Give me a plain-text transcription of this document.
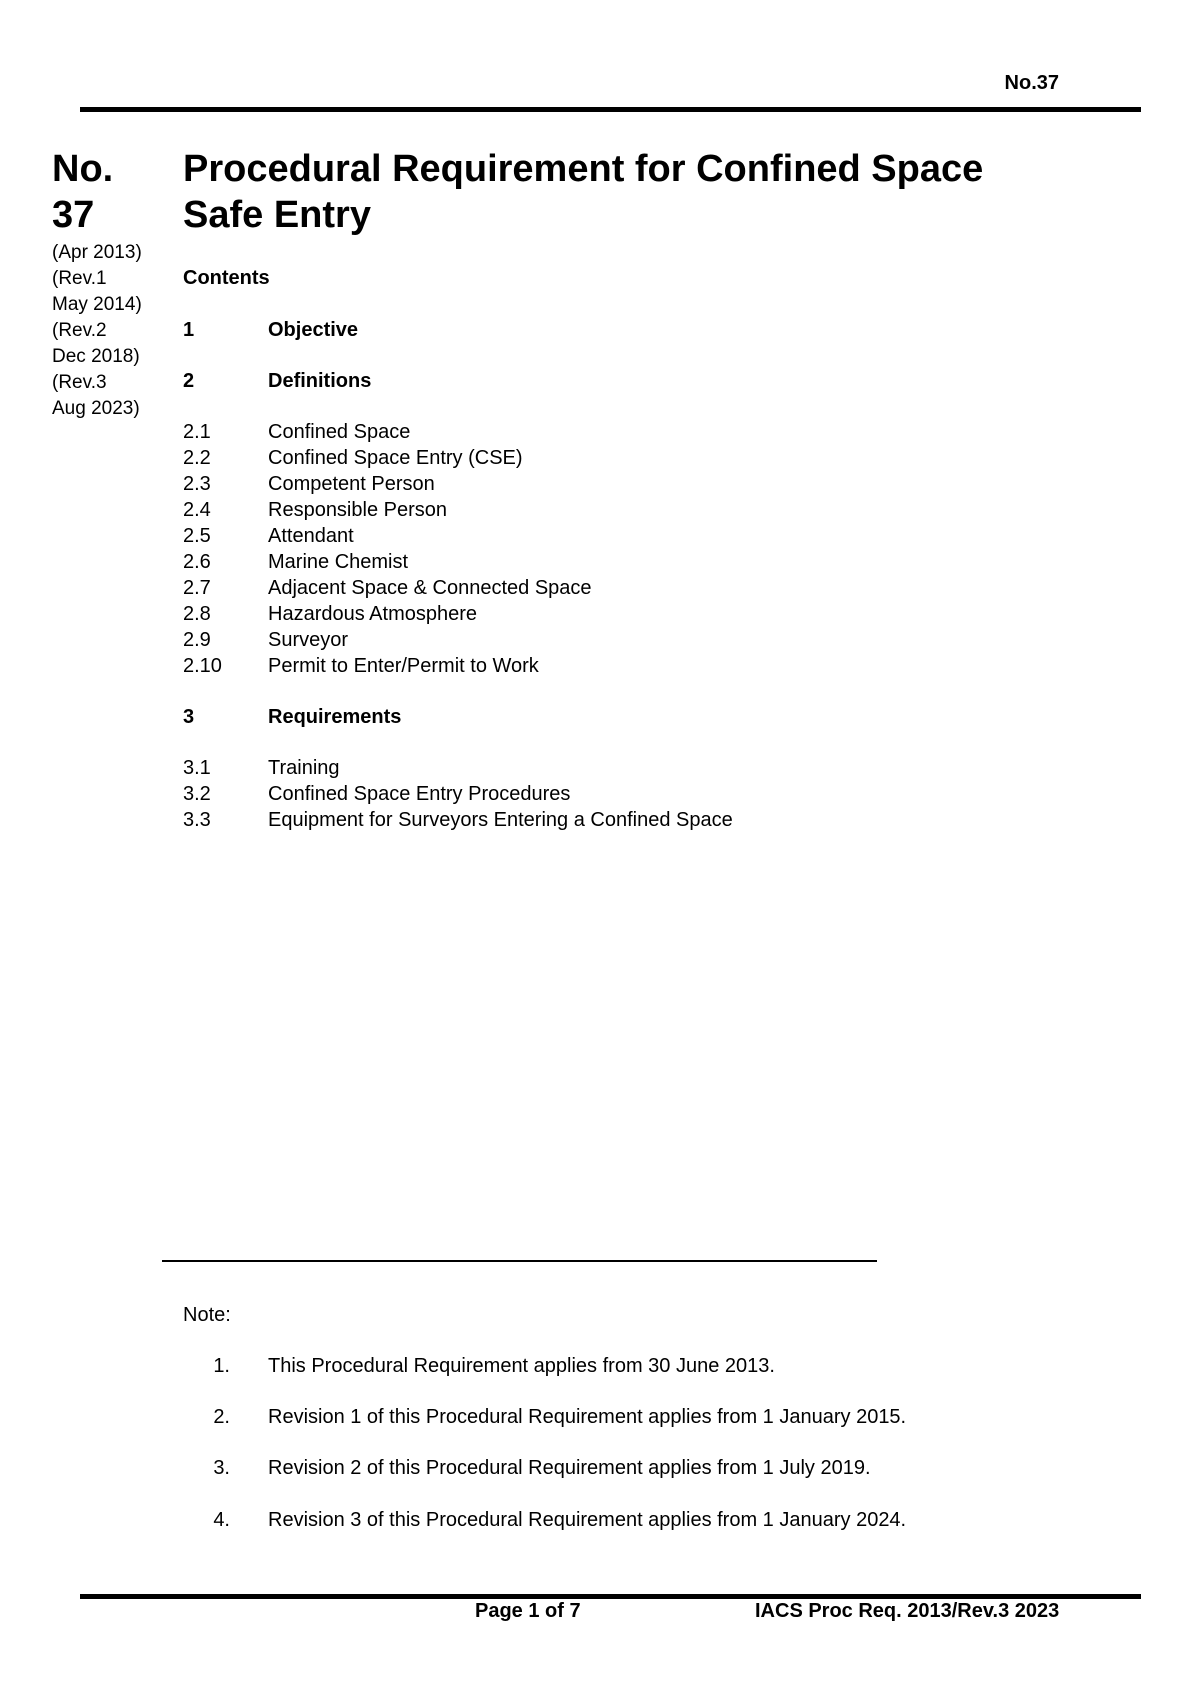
No.37
No.
37
(Apr 2013)
(Rev.1
May 2014)
(Rev.2
Dec 2018)
(Rev.3
Aug 2023)
Procedural Requirement for Confined Space
Safe Entry
Contents
1	Objective
2	Definitions
2.1	Confined Space
2.2	Confined Space Entry (CSE)
2.3	Competent Person
2.4	Responsible Person
2.5	Attendant
2.6	Marine Chemist
2.7	Adjacent Space & Connected Space
2.8	Hazardous Atmosphere
2.9	Surveyor
2.10 Permit to Enter/Permit to Work
3	Requirements
3.1	Training
3.2	Confined Space Entry Procedures
3.3	Equipment for Surveyors Entering a Confined Space
Note:
1. This Procedural Requirement applies from 30 June 2013.
2. Revision 1 of this Procedural Requirement applies from 1 January 2015.
3. Revision 2 of this Procedural Requirement applies from 1 July 2019.
4. Revision 3 of this Procedural Requirement applies from 1 January 2024.
Page 1 of 7	IACS Proc Req. 2013/Rev.3 2023
